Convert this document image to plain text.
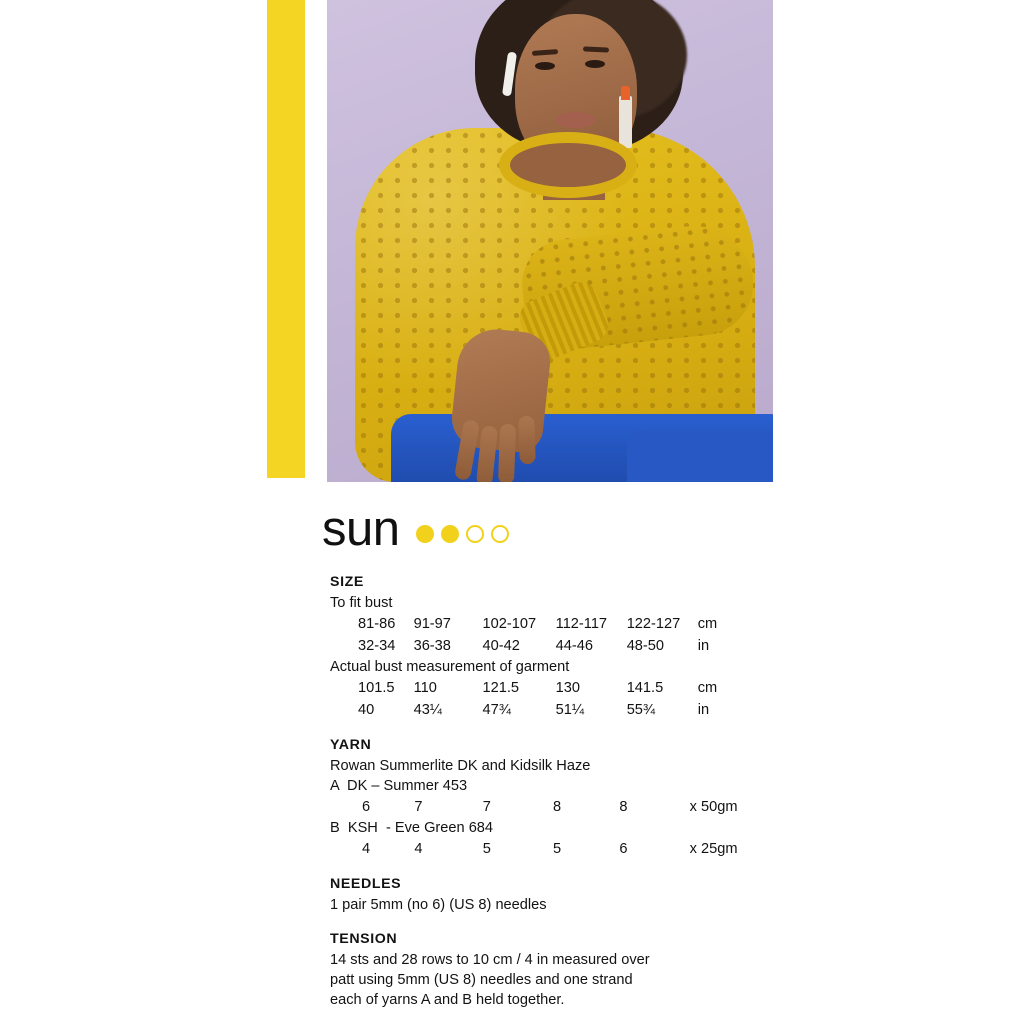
sun
SIZE
To fit bust
81-86	91-97	102-107	112-117	122-127	cm
32-34	36-38	40-42	44-46	48-50	in
Actual bust measurement of garment
101.5	110	121.5	130	141.5	cm
40	43¼	47¾	51¼	55¾	in
YARN
Rowan Summerlite DK and Kidsilk Haze
A  DK – Summer 453
6	7	7	8	8	x 50gm
B  KSH  - Eve Green 684
4	4	5	5	6	x 25gm
NEEDLES
1 pair 5mm (no 6) (US 8) needles
TENSION
14 sts and 28 rows to 10 cm / 4 in measured over
patt using 5mm (US 8) needles and one strand
each of yarns A and B held together.
